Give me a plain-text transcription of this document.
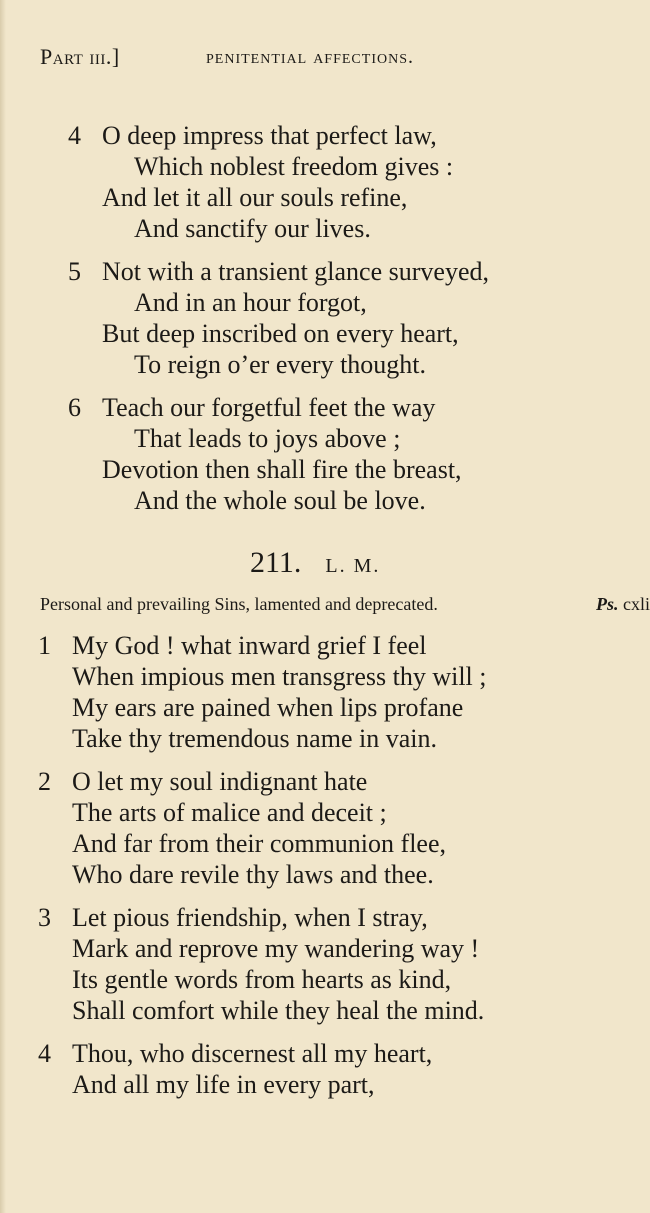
Part iii.]	penitential affections.
4 O deep impress that perfect law,
Which noblest freedom gives :
And let it all our souls refine,
And sanctify our lives.
5 Not with a transient glance surveyed,
And in an hour forgot,
But deep inscribed on every heart,
To reign o’er every thought.
6 Teach our forgetful feet the way
That leads to joys above ;
Devotion then shall fire the breast,
And the whole soul be love.
211. L. M.
Personal and prevailing Sins, lamented and deprecated.	Ps. cxli
1 My God ! what inward grief I feel
When impious men transgress thy will ;
My ears are pained when lips profane
Take thy tremendous name in vain.
2 O let my soul indignant hate
The arts of malice and deceit ;
And far from their communion flee,
Who dare revile thy laws and thee.
3 Let pious friendship, when I stray,
Mark and reprove my wandering way !
Its gentle words from hearts as kind,
Shall comfort while they heal the mind.
4 Thou, who discernest all my heart,
And all my life in every part,
